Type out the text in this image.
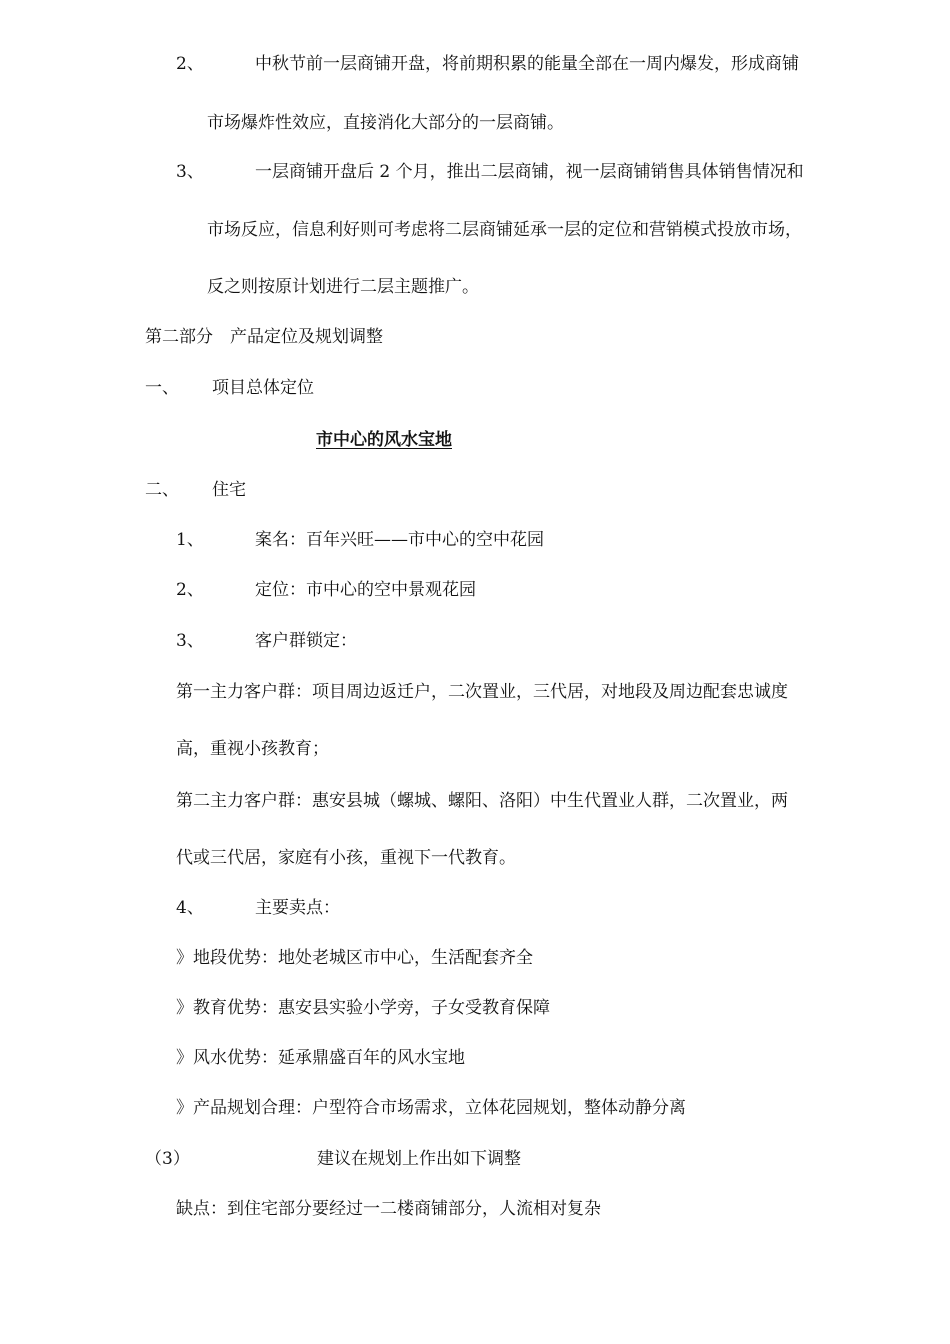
2、	中秋节前一层商铺开盘，将前期积累的能量全部在一周内爆发，形成商铺
市场爆炸性效应，直接消化大部分的一层商铺。
3、	一层商铺开盘后 2 个月，推出二层商铺，视一层商铺销售具体销售情况和
市场反应，信息利好则可考虑将二层商铺延承一层的定位和营销模式投放市场，
反之则按原计划进行二层主题推广。
第二部分　产品定位及规划调整
一、 项目总体定位
市中心的风水宝地
二、 住宅
1、	案名：百年兴旺——市中心的空中花园
2、	定位：市中心的空中景观花园
3、	客户群锁定：
第一主力客户群：项目周边返迁户，二次置业，三代居，对地段及周边配套忠诚度
高，重视小孩教育；
第二主力客户群：惠安县城（螺城、螺阳、洛阳）中生代置业人群，二次置业，两
代或三代居，家庭有小孩，重视下一代教育。
4、	主要卖点：
》地段优势：地处老城区市中心，生活配套齐全
》教育优势：惠安县实验小学旁，子女受教育保障
》风水优势：延承鼎盛百年的风水宝地
》产品规划合理：户型符合市场需求，立体花园规划，整体动静分离
（3）	建议在规划上作出如下调整
缺点：到住宅部分要经过一二楼商铺部分，人流相对复杂
